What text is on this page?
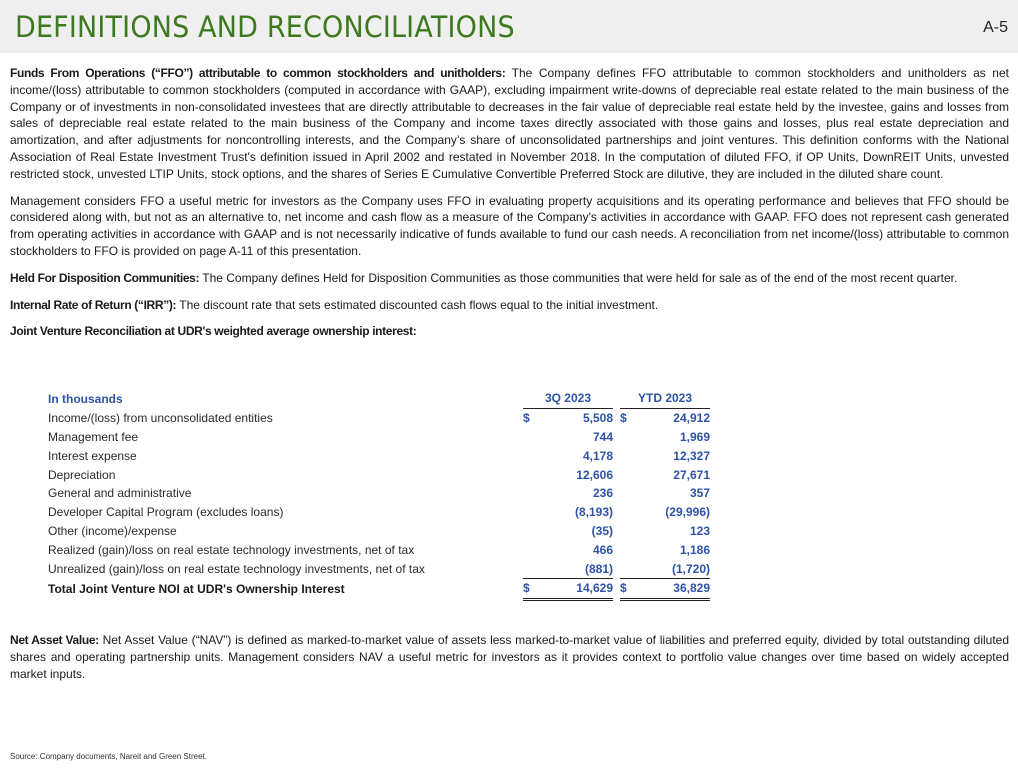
DEFINITIONS AND RECONCILIATIONS	A-5

Funds From Operations (“FFO”) attributable to common stockholders and unitholders: The Company defines FFO attributable to common stockholders and unitholders as net income/(loss) attributable to common stockholders (computed in accordance with GAAP), excluding impairment write-downs of depreciable real estate related to the main business of the Company or of investments in non-consolidated investees that are directly attributable to decreases in the fair value of depreciable real estate held by the investee, gains and losses from sales of depreciable real estate related to the main business of the Company and income taxes directly associated with those gains and losses, plus real estate depreciation and amortization, and after adjustments for noncontrolling interests, and the Company’s share of unconsolidated partnerships and joint ventures. This definition conforms with the National Association of Real Estate Investment Trust's definition issued in April 2002 and restated in November 2018. In the computation of diluted FFO, if OP Units, DownREIT Units, unvested restricted stock, unvested LTIP Units, stock options, and the shares of Series E Cumulative Convertible Preferred Stock are dilutive, they are included in the diluted share count.

Management considers FFO a useful metric for investors as the Company uses FFO in evaluating property acquisitions and its operating performance and believes that FFO should be considered along with, but not as an alternative to, net income and cash flow as a measure of the Company's activities in accordance with GAAP. FFO does not represent cash generated from operating activities in accordance with GAAP and is not necessarily indicative of funds available to fund our cash needs. A reconciliation from net income/(loss) attributable to common stockholders to FFO is provided on page A-11 of this presentation.

Held For Disposition Communities: The Company defines Held for Disposition Communities as those communities that were held for sale as of the end of the most recent quarter.

Internal Rate of Return (“IRR”): The discount rate that sets estimated discounted cash flows equal to the initial investment.

Joint Venture Reconciliation at UDR's weighted average ownership interest:

In thousands	3Q 2023			YTD 2023	
Income/(loss) from unconsolidated entities	$	5,508		$	24,912
Management fee		744			1,969
Interest expense		4,178			12,327
Depreciation		12,606			27,671
General and administrative		236			357
Developer Capital Program (excludes loans)		(8,193)			(29,996)
Other (income)/expense		(35)			123
Realized (gain)/loss on real estate technology investments, net of tax		466			1,186
Unrealized (gain)/loss on real estate technology investments, net of tax		(881)			(1,720)
Total Joint Venture NOI at UDR's Ownership Interest	$	14,629		$	36,829

Net Asset Value: Net Asset Value (“NAV”) is defined as marked-to-market value of assets less marked-to-market value of liabilities and preferred equity, divided by total outstanding diluted shares and operating partnership units. Management considers NAV a useful metric for investors as it provides context to portfolio value changes over time based on widely accepted market inputs.

Source: Company documents, Nareit and Green Street.
